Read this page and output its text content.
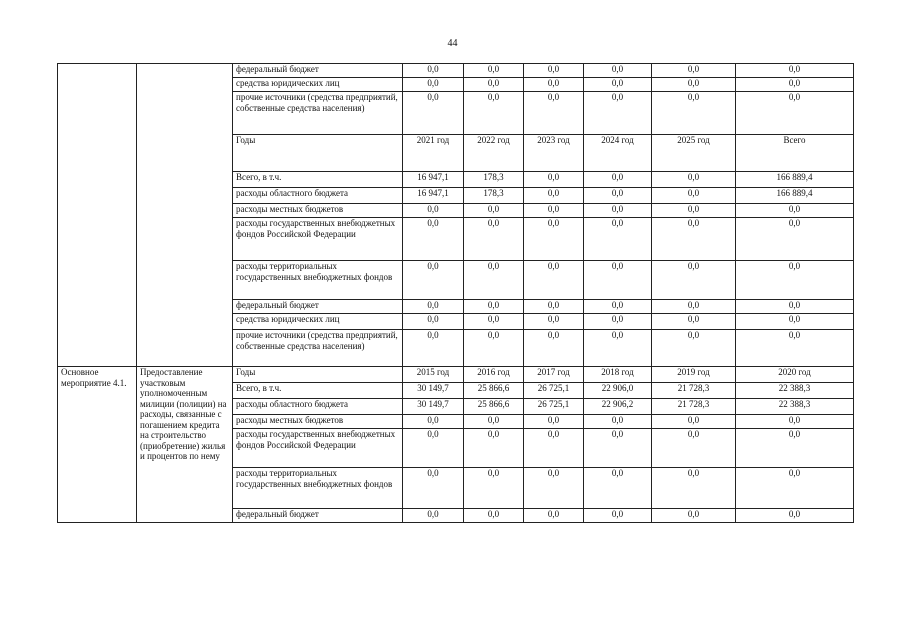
44
		федеральный бюджет	0,0	0,0	0,0	0,0	0,0	0,0
		средства юридических лиц	0,0	0,0	0,0	0,0	0,0	0,0
		прочие источники (средства предприятий, собственные средства населения)	0,0	0,0	0,0	0,0	0,0	0,0
		Годы	2021 год	2022 год	2023 год	2024 год	2025 год	Всего
		Всего, в т.ч.	16 947,1	178,3	0,0	0,0	0,0	166 889,4
		расходы областного бюджета	16 947,1	178,3	0,0	0,0	0,0	166 889,4
		расходы местных бюджетов	0,0	0,0	0,0	0,0	0,0	0,0
		расходы государственных внебюджетных фондов Российской Федерации	0,0	0,0	0,0	0,0	0,0	0,0
		расходы территориальных государственных внебюджетных фондов	0,0	0,0	0,0	0,0	0,0	0,0
		федеральный бюджет	0,0	0,0	0,0	0,0	0,0	0,0
		средства юридических лиц	0,0	0,0	0,0	0,0	0,0	0,0
		прочие источники (средства предприятий, собственные средства населения)	0,0	0,0	0,0	0,0	0,0	0,0
Основное мероприятие 4.1.	Предоставление участковым уполномоченным милиции (полиции) на расходы, связанные с погашением кредита на строительство (приобретение) жилья и процентов по нему	Годы	2015 год	2016 год	2017 год	2018 год	2019 год	2020 год
		Всего, в т.ч.	30 149,7	25 866,6	26 725,1	22 906,0	21 728,3	22 388,3
		расходы областного бюджета	30 149,7	25 866,6	26 725,1	22 906,2	21 728,3	22 388,3
		расходы местных бюджетов	0,0	0,0	0,0	0,0	0,0	0,0
		расходы государственных внебюджетных фондов Российской Федерации	0,0	0,0	0,0	0,0	0,0	0,0
		расходы территориальных государственных внебюджетных фондов	0,0	0,0	0,0	0,0	0,0	0,0
		федеральный бюджет	0,0	0,0	0,0	0,0	0,0	0,0
